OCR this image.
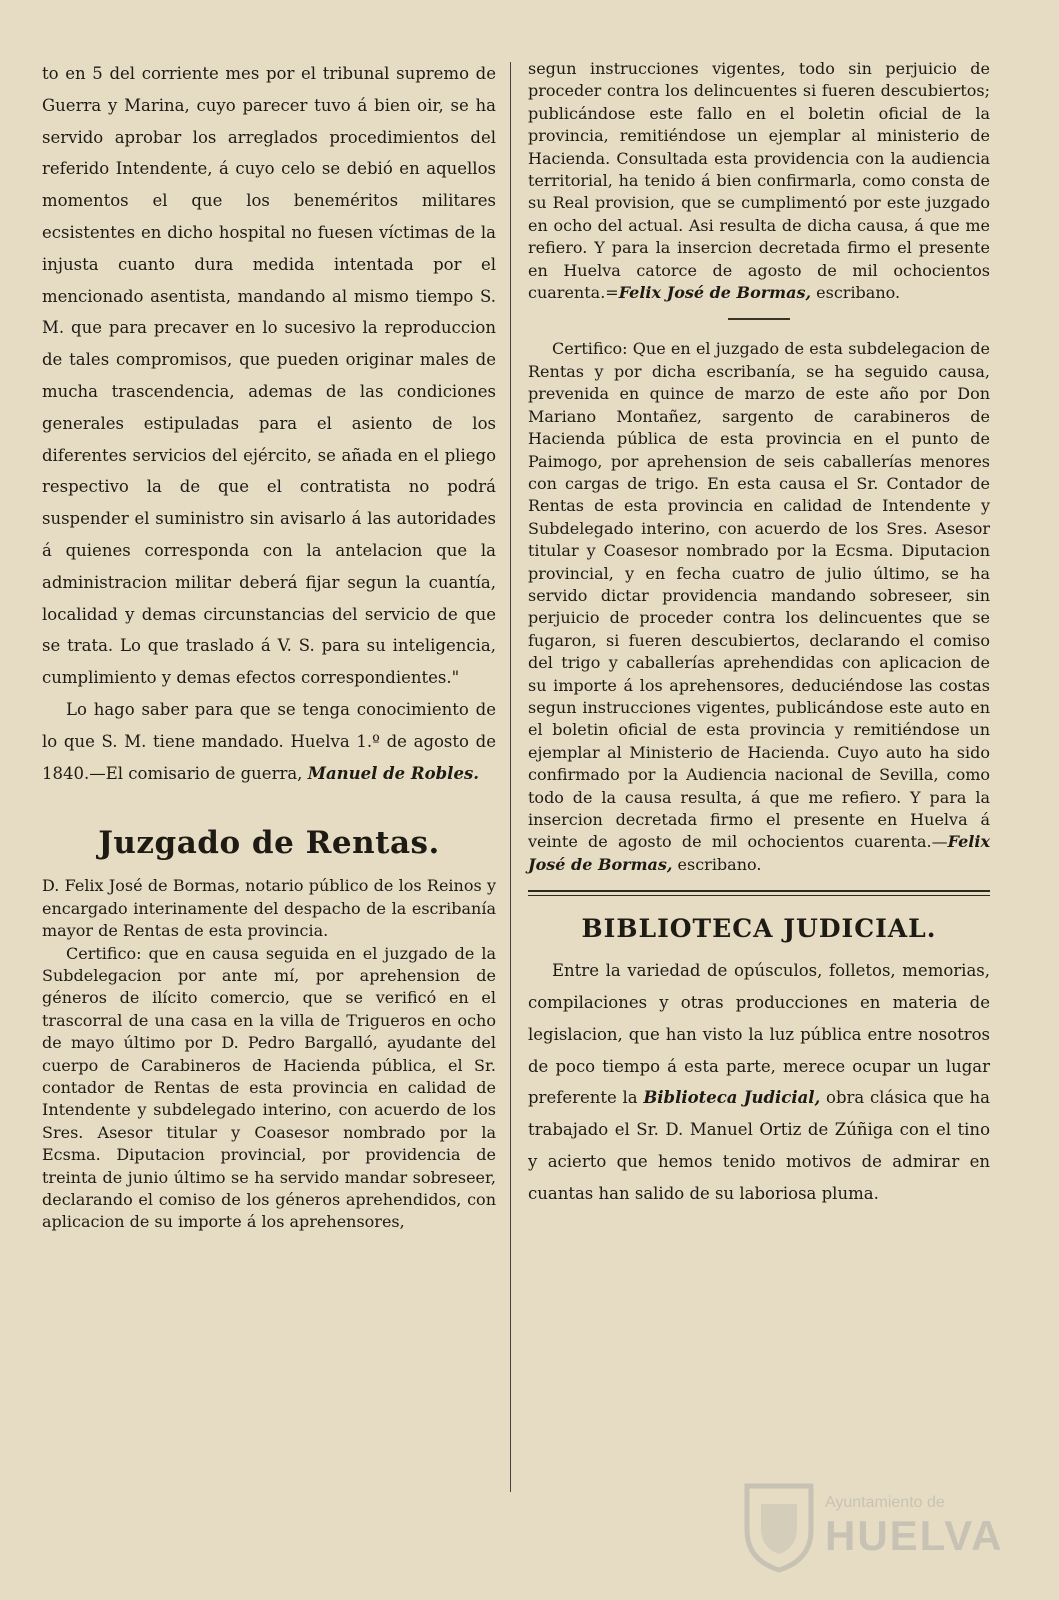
to en 5 del corriente mes por el tribunal supremo de Guerra y Marina, cuyo parecer tuvo á bien oir, se ha servido aprobar los arreglados procedimientos del referido Intendente, á cuyo celo se debió en aquellos momentos el que los beneméritos militares ecsistentes en dicho hospital no fuesen víctimas de la injusta cuanto dura medida intentada por el mencionado asentista, mandando al mismo tiempo S. M. que para precaver en lo sucesivo la reproduccion de tales compromisos, que pueden originar males de mucha trascendencia, ademas de las condiciones generales estipuladas para el asiento de los diferentes servicios del ejército, se añada en el pliego respectivo la de que el contratista no podrá suspender el suministro sin avisarlo á las autoridades á quienes corresponda con la antelacion que la administracion militar deberá fijar segun la cuantía, localidad y demas circunstancias del servicio de que se trata. Lo que traslado á V. S. para su inteligencia, cumplimiento y demas efectos correspondientes."

Lo hago saber para que se tenga conocimiento de lo que S. M. tiene mandado. Huelva 1.º de agosto de 1840.—El comisario de guerra, Manuel de Robles.

Juzgado de Rentas.

D. Felix José de Bormas, notario público de los Reinos y encargado interinamente del despacho de la escribanía mayor de Rentas de esta provincia.

Certifico: que en causa seguida en el juzgado de la Subdelegacion por ante mí, por aprehension de géneros de ilícito comercio, que se verificó en el trascorral de una casa en la villa de Trigueros en ocho de mayo último por D. Pedro Bargalló, ayudante del cuerpo de Carabineros de Hacienda pública, el Sr. contador de Rentas de esta provincia en calidad de Intendente y subdelegado interino, con acuerdo de los Sres. Asesor titular y Coasesor nombrado por la Ecsma. Diputacion provincial, por providencia de treinta de junio último se ha servido mandar sobreseer, declarando el comiso de los géneros aprehendidos, con aplicacion de su importe á los aprehensores,

segun instrucciones vigentes, todo sin perjuicio de proceder contra los delincuentes si fueren descubiertos; publicándose este fallo en el boletin oficial de la provincia, remitiéndose un ejemplar al ministerio de Hacienda. Consultada esta providencia con la audiencia territorial, ha tenido á bien confirmarla, como consta de su Real provision, que se cumplimentó por este juzgado en ocho del actual. Asi resulta de dicha causa, á que me refiero. Y para la insercion decretada firmo el presente en Huelva catorce de agosto de mil ochocientos cuarenta.=Felix José de Bormas, escribano.

Certifico: Que en el juzgado de esta subdelegacion de Rentas y por dicha escribanía, se ha seguido causa, prevenida en quince de marzo de este año por Don Mariano Montañez, sargento de carabineros de Hacienda pública de esta provincia en el punto de Paimogo, por aprehension de seis caballerías menores con cargas de trigo. En esta causa el Sr. Contador de Rentas de esta provincia en calidad de Intendente y Subdelegado interino, con acuerdo de los Sres. Asesor titular y Coasesor nombrado por la Ecsma. Diputacion provincial, y en fecha cuatro de julio último, se ha servido dictar providencia mandando sobreseer, sin perjuicio de proceder contra los delincuentes que se fugaron, si fueren descubiertos, declarando el comiso del trigo y caballerías aprehendidas con aplicacion de su importe á los aprehensores, deduciéndose las costas segun instrucciones vigentes, publicándose este auto en el boletin oficial de esta provincia y remitiéndose un ejemplar al Ministerio de Hacienda. Cuyo auto ha sido confirmado por la Audiencia nacional de Sevilla, como todo de la causa resulta, á que me refiero. Y para la insercion decretada firmo el presente en Huelva á veinte de agosto de mil ochocientos cuarenta.—Felix José de Bormas, escribano.

BIBLIOTECA JUDICIAL.

Entre la variedad de opúsculos, folletos, memorias, compilaciones y otras producciones en materia de legislacion, que han visto la luz pública entre nosotros de poco tiempo á esta parte, merece ocupar un lugar preferente la Biblioteca Judicial, obra clásica que ha trabajado el Sr. D. Manuel Ortiz de Zúñiga con el tino y acierto que hemos tenido motivos de admirar en cuantas han salido de su laboriosa pluma.

Ayuntamiento de
HUELVA
